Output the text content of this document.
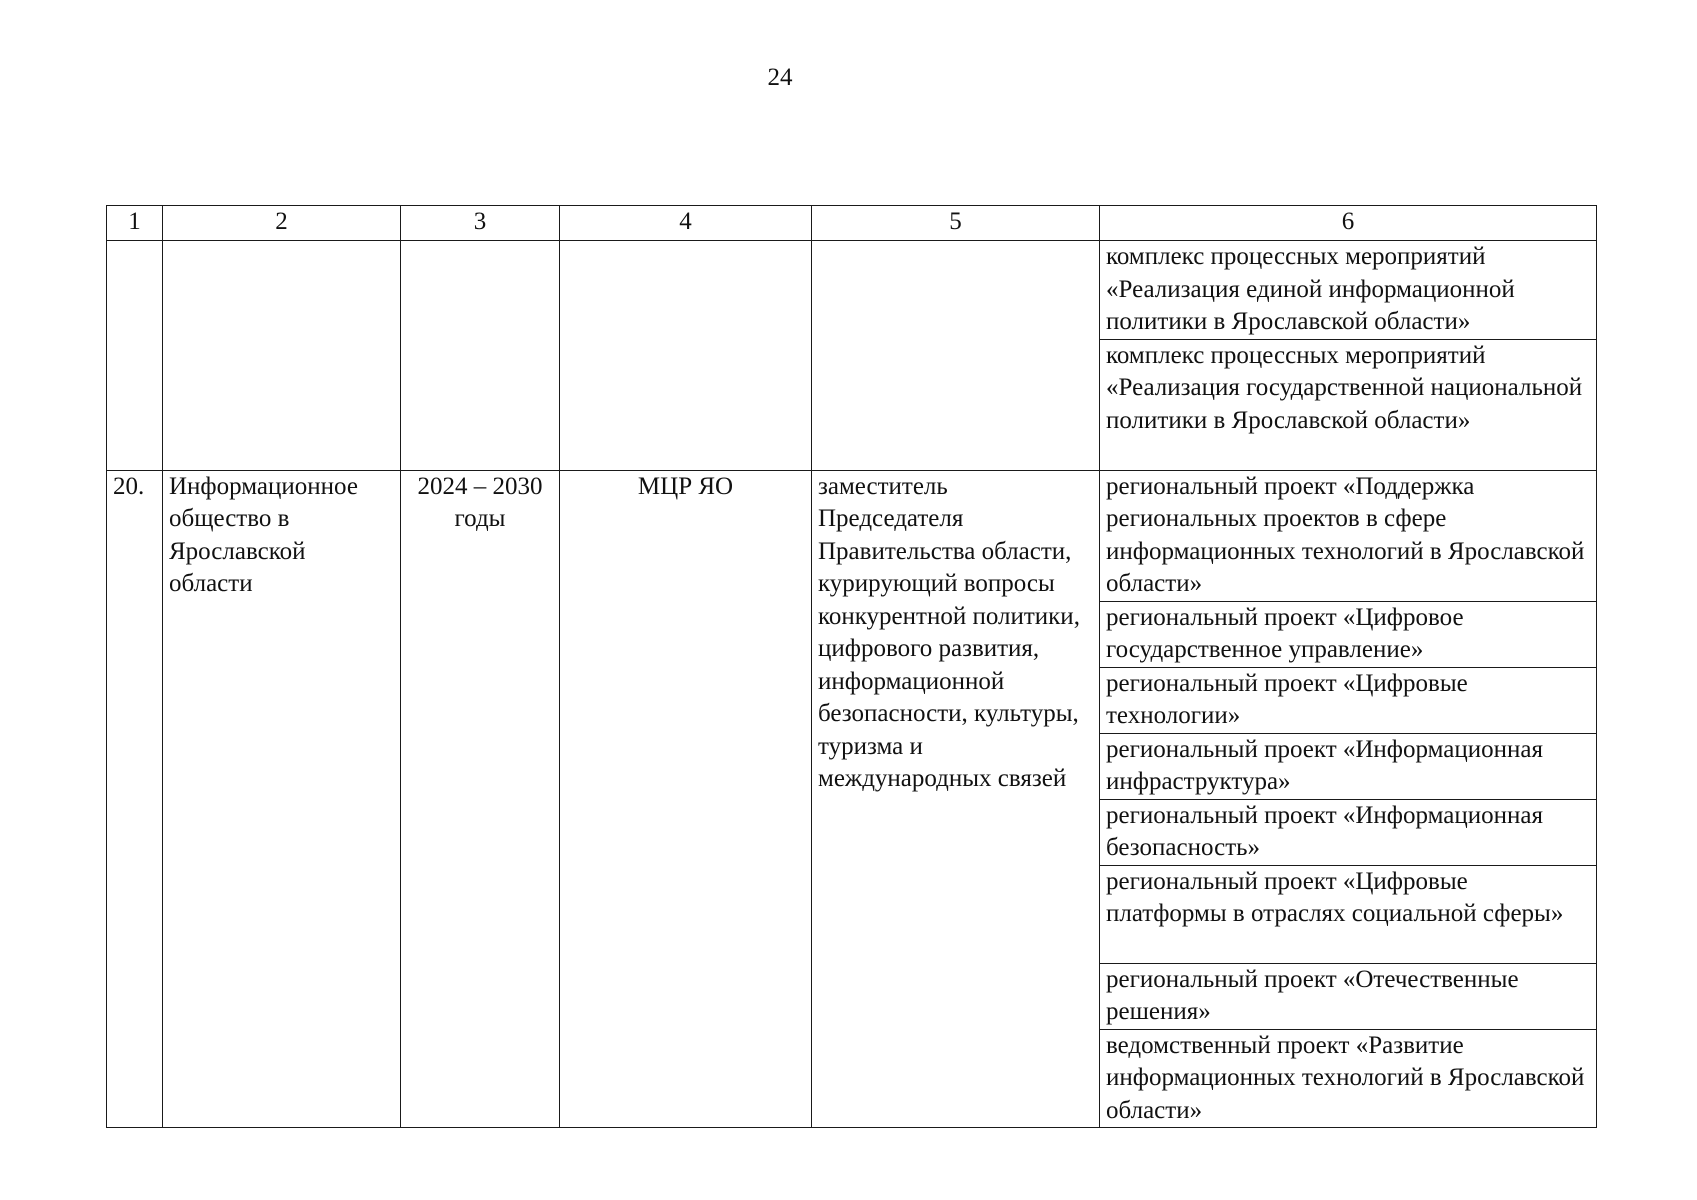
24
1	2	3	4	5	6
					комплекс процессных мероприятий «Реализация единой информационной политики в Ярославской области»
					комплекс процессных мероприятий «Реализация государственной национальной политики в Ярославской области»
20.	Информационное общество в Ярославской области	2024 – 2030 годы	МЦР ЯО	заместитель Председателя Правительства области, курирующий вопросы конкурентной политики, цифрового развития, информационной безопасности, культуры, туризма и международных связей	региональный проект «Поддержка региональных проектов в сфере информационных технологий в Ярославской области»
					региональный проект «Цифровое государственное управление»
					региональный проект «Цифровые технологии»
					региональный проект «Информационная инфраструктура»
					региональный проект «Информационная безопасность»
					региональный проект «Цифровые платформы в отраслях социальной сферы»
					региональный проект «Отечественные решения»
					ведомственный проект «Развитие информационных технологий в Ярославской области»
